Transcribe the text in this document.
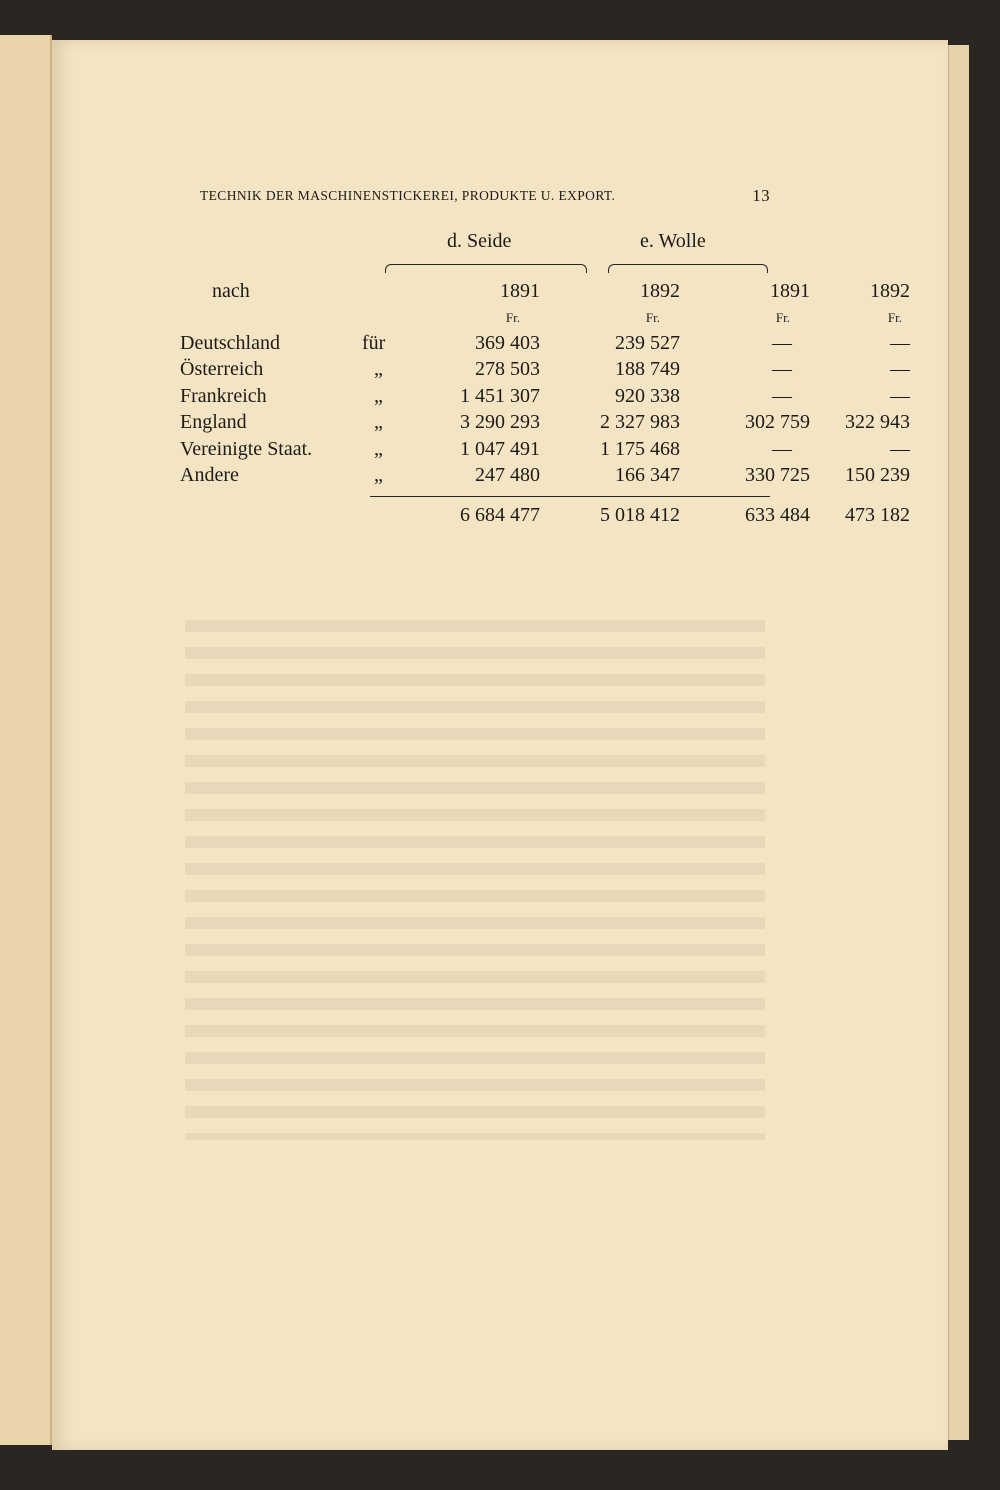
TECHNIK DER MASCHINENSTICKEREI, PRODUKTE U. EXPORT.	13
d. Seide	e. Wolle
nach		1891	1892	1891	1892
		Fr.	Fr.	Fr.	Fr.
Deutschland	für	369 403	239 527	—	—
Österreich	„	278 503	188 749	—	—
Frankreich	„	1 451 307	920 338	—	—
England	„	3 290 293	2 327 983	302 759	322 943
Vereinigte Staat.	„	1 047 491	1 175 468	—	—
Andere	„	247 480	166 347	330 725	150 239
		6 684 477	5 018 412	633 484	473 182
